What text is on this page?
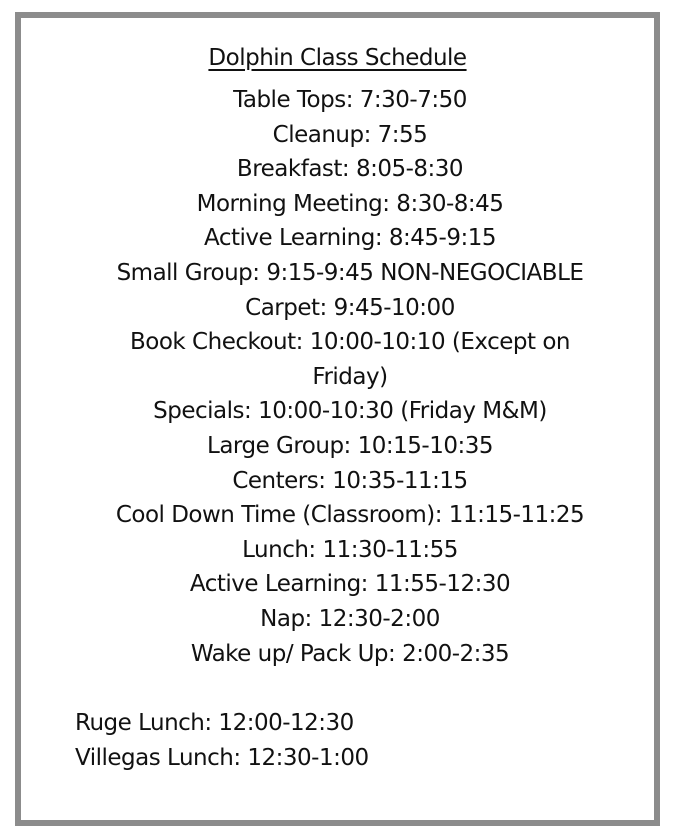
Dolphin Class Schedule
Table Tops: 7:30-7:50
Cleanup: 7:55
Breakfast: 8:05-8:30
Morning Meeting: 8:30-8:45
Active Learning: 8:45-9:15
Small Group: 9:15-9:45 NON-NEGOCIABLE
Carpet: 9:45-10:00
Book Checkout: 10:00-10:10 (Except on Friday)
Specials: 10:00-10:30 (Friday M&M)
Large Group: 10:15-10:35
Centers: 10:35-11:15
Cool Down Time (Classroom): 11:15-11:25
Lunch: 11:30-11:55
Active Learning: 11:55-12:30
Nap: 12:30-2:00
Wake up/ Pack Up: 2:00-2:35
Ruge Lunch: 12:00-12:30
Villegas Lunch: 12:30-1:00
